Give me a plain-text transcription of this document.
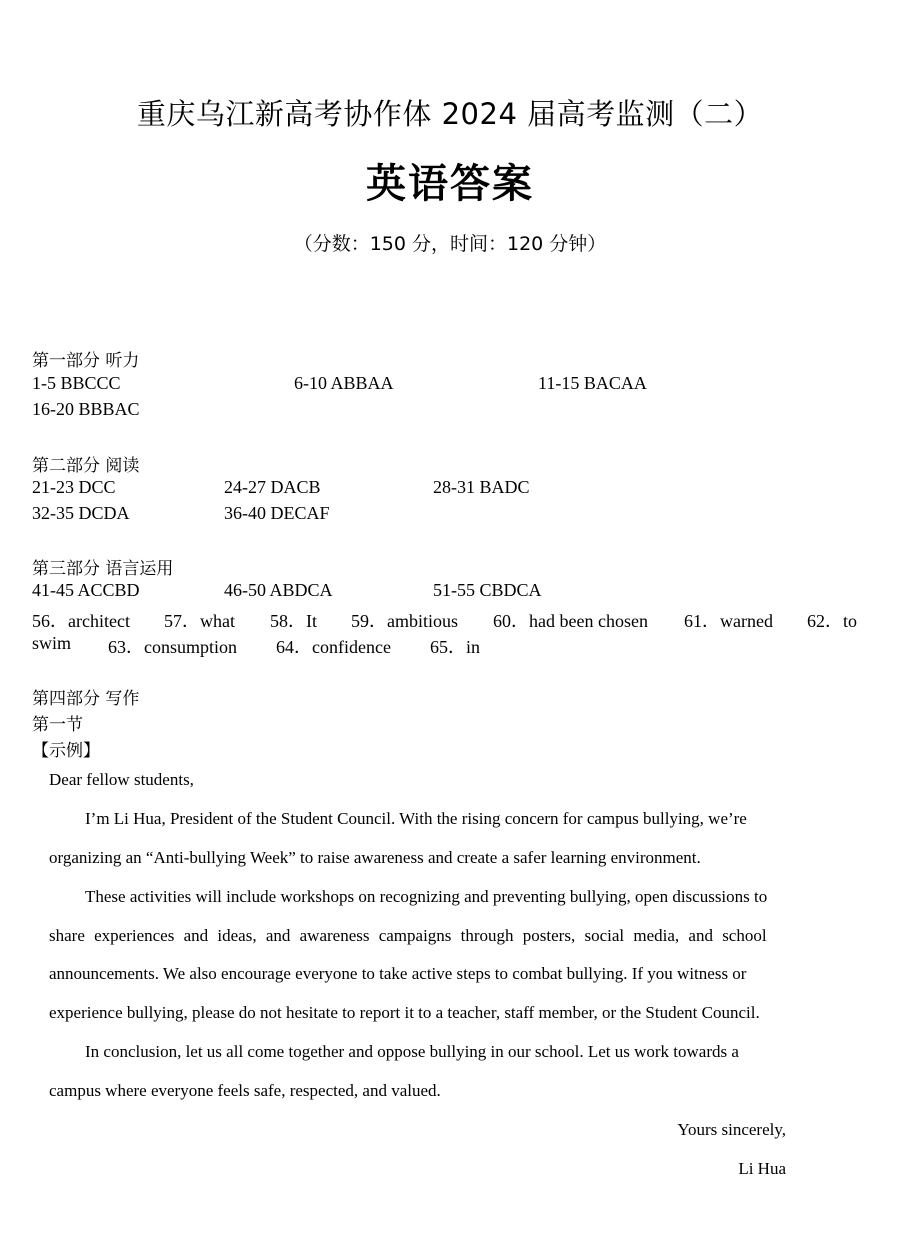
重庆乌江新高考协作体 2024 届高考监测（二）
英语答案
（分数：150 分，时间：120 分钟）
第一部分 听力
1-5 BBCCC	6-10 ABBAA	11-15 BACAA
16-20 BBBAC
第二部分 阅读
21-23 DCC	24-27 DACB	28-31 BADC
32-35 DCDA	36-40 DECAF
第三部分 语言运用
41-45 ACCBD	46-50 ABDCA	51-55 CBDCA
56．architect 57．what 58．It 59．ambitious 60．had been chosen 61．warned 62．to
swim 63．consumption 64．confidence 65．in
第四部分 写作
第一节
【示例】
Dear fellow students,
I’m Li Hua, President of the Student Council. With the rising concern for campus bullying, we’re
organizing an “Anti-bullying Week” to raise awareness and create a safer learning environment.
These activities will include workshops on recognizing and preventing bullying, open discussions to
share experiences and ideas, and awareness campaigns through posters, social media, and school
announcements. We also encourage everyone to take active steps to combat bullying. If you witness or
experience bullying, please do not hesitate to report it to a teacher, staff member, or the Student Council.
In conclusion, let us all come together and oppose bullying in our school. Let us work towards a
campus where everyone feels safe, respected, and valued.
Yours sincerely,
Li Hua
